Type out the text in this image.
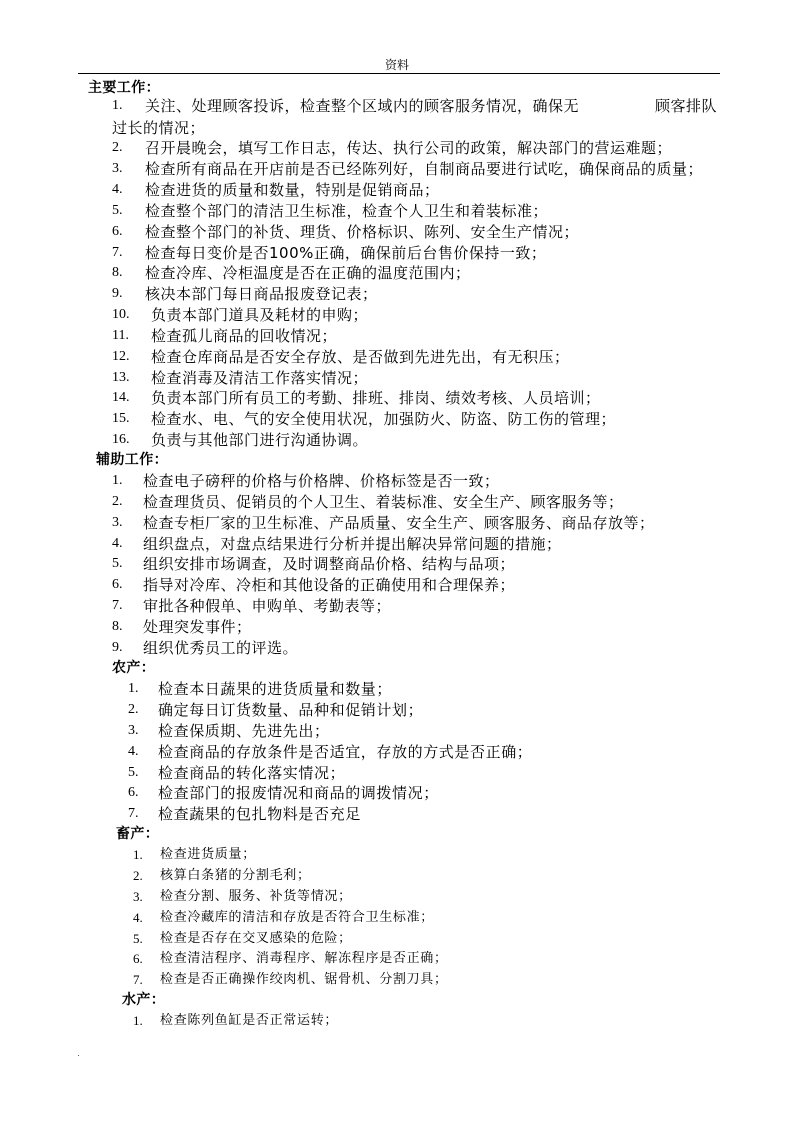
资料
主要工作：
1. 关注、处理顾客投诉，检查整个区域内的顾客服务情况，确保无	顾客排队
过长的情况；
2. 召开晨晚会，填写工作日志，传达、执行公司的政策，解决部门的营运难题；
3. 检查所有商品在开店前是否已经陈列好，自制商品要进行试吃，确保商品的质量；
4. 检查进货的质量和数量，特别是促销商品；
5. 检查整个部门的清洁卫生标准，检查个人卫生和着装标准；
6. 检查整个部门的补货、理货、价格标识、陈列、安全生产情况；
7. 检查每日变价是否100%正确，确保前后台售价保持一致；
8. 检查冷库、冷柜温度是否在正确的温度范围内；
9. 核决本部门每日商品报废登记表；
10. 负责本部门道具及耗材的申购；
11. 检查孤儿商品的回收情况；
12. 检查仓库商品是否安全存放、是否做到先进先出，有无积压；
13. 检查消毒及清洁工作落实情况；
14. 负责本部门所有员工的考勤、排班、排岗、绩效考核、人员培训；
15. 检查水、电、气的安全使用状况，加强防火、防盗、防工伤的管理；
16. 负责与其他部门进行沟通协调。
辅助工作：
1. 检查电子磅秤的价格与价格牌、价格标签是否一致；
2. 检查理货员、促销员的个人卫生、着装标准、安全生产、顾客服务等；
3. 检查专柜厂家的卫生标准、产品质量、安全生产、顾客服务、商品存放等；
4. 组织盘点，对盘点结果进行分析并提出解决异常问题的措施；
5. 组织安排市场调查，及时调整商品价格、结构与品项；
6. 指导对冷库、冷柜和其他设备的正确使用和合理保养；
7. 审批各种假单、申购单、考勤表等；
8. 处理突发事件；
9. 组织优秀员工的评选。
农产：
1. 检查本日蔬果的进货质量和数量；
2. 确定每日订货数量、品种和促销计划；
3. 检查保质期、先进先出；
4. 检查商品的存放条件是否适宜，存放的方式是否正确；
5. 检查商品的转化落实情况；
6. 检查部门的报废情况和商品的调拨情况；
7. 检查蔬果的包扎物料是否充足
畜产：
1. 检查进货质量；
2. 核算白条猪的分割毛利；
3. 检查分割、服务、补货等情况；
4. 检查冷藏库的清洁和存放是否符合卫生标准；
5. 检查是否存在交叉感染的危险；
6. 检查清洁程序、消毒程序、解冻程序是否正确；
7. 检查是否正确操作绞肉机、锯骨机、分割刀具；
水产：
1. 检查陈列鱼缸是否正常运转；
